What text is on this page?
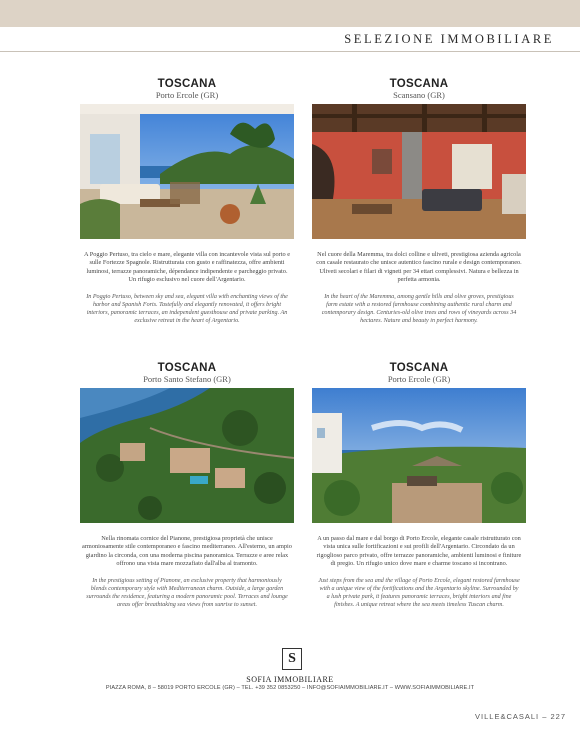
SELEZIONE IMMOBILIARE
TOSCANA
Porto Ercole (GR)
A Poggio Pertuso, tra cielo e mare, elegante villa con incantevole vista sul porto e sulle Fortezze Spagnole. Ristrutturata con gusto e raffinatezza, offre ambienti luminosi, terrazze panoramiche, dépendance indipendente e parcheggio privato. Un rifugio esclusivo nel cuore dell'Argentario.
In Poggio Pertuso, between sky and sea, elegant villa with enchanting views of the harbor and Spanish Forts. Tastefully and elegantly renovated, it offers bright interiors, panoramic terraces, an independent guesthouse and private parking. An exclusive retreat in the heart of Argentario.
TOSCANA
Scansano (GR)
Nel cuore della Maremma, tra dolci colline e uliveti, prestigiosa azienda agricola con casale restaurato che unisce autentico fascino rurale e design contemporaneo. Uliveti secolari e filari di vigneti per 34 ettari complessivi. Natura e bellezza in perfetta armonia.
In the heart of the Maremma, among gentle hills and olive groves, prestigious farm estate with a restored farmhouse combining authentic rural charm and contemporary design. Centuries-old olive trees and rows of vineyards across 34 hectares. Nature and beauty in perfect harmony.
TOSCANA
Porto Santo Stefano (GR)
Nella rinomata cornice del Pianone, prestigiosa proprietà che unisce armoniosamente stile contemporaneo e fascino mediterraneo. All'esterno, un ampio giardino la circonda, con una moderna piscina panoramica. Terrazze e aree relax offrono una vista mare mozzafiato dall'alba al tramonto.
In the prestigious setting of Pianone, an exclusive property that harmoniously blends contemporary style with Mediterranean charm. Outside, a large garden surrounds the residence, featuring a modern panoramic pool. Terraces and lounge areas offer breathtaking sea views from sunrise to sunset.
TOSCANA
Porto Ercole (GR)
A un passo dal mare e dal borgo di Porto Ercole, elegante casale ristrutturato con vista unica sulle fortificazioni e sui profili dell'Argentario. Circondato da un rigoglioso parco privato, offre terrazze panoramiche, ambienti luminosi e finiture di pregio. Un rifugio unico dove mare e charme toscano si incontrano.
Just steps from the sea and the village of Porto Ercole, elegant restored farmhouse with a unique view of the fortifications and the Argentario skyline. Surrounded by a lush private park, it features panoramic terraces, bright interiors and fine finishes. A unique retreat where the sea meets timeless Tuscan charm.
S
SOFIA IMMOBILIARE
PIAZZA ROMA, 8 – 58019 PORTO ERCOLE (GR) – TEL. +39 352 0853250 – INFO@SOFIAIMMOBILIARE.IT – WWW.SOFIAIMMOBILIARE.IT
VILLE&CASALI – 227
